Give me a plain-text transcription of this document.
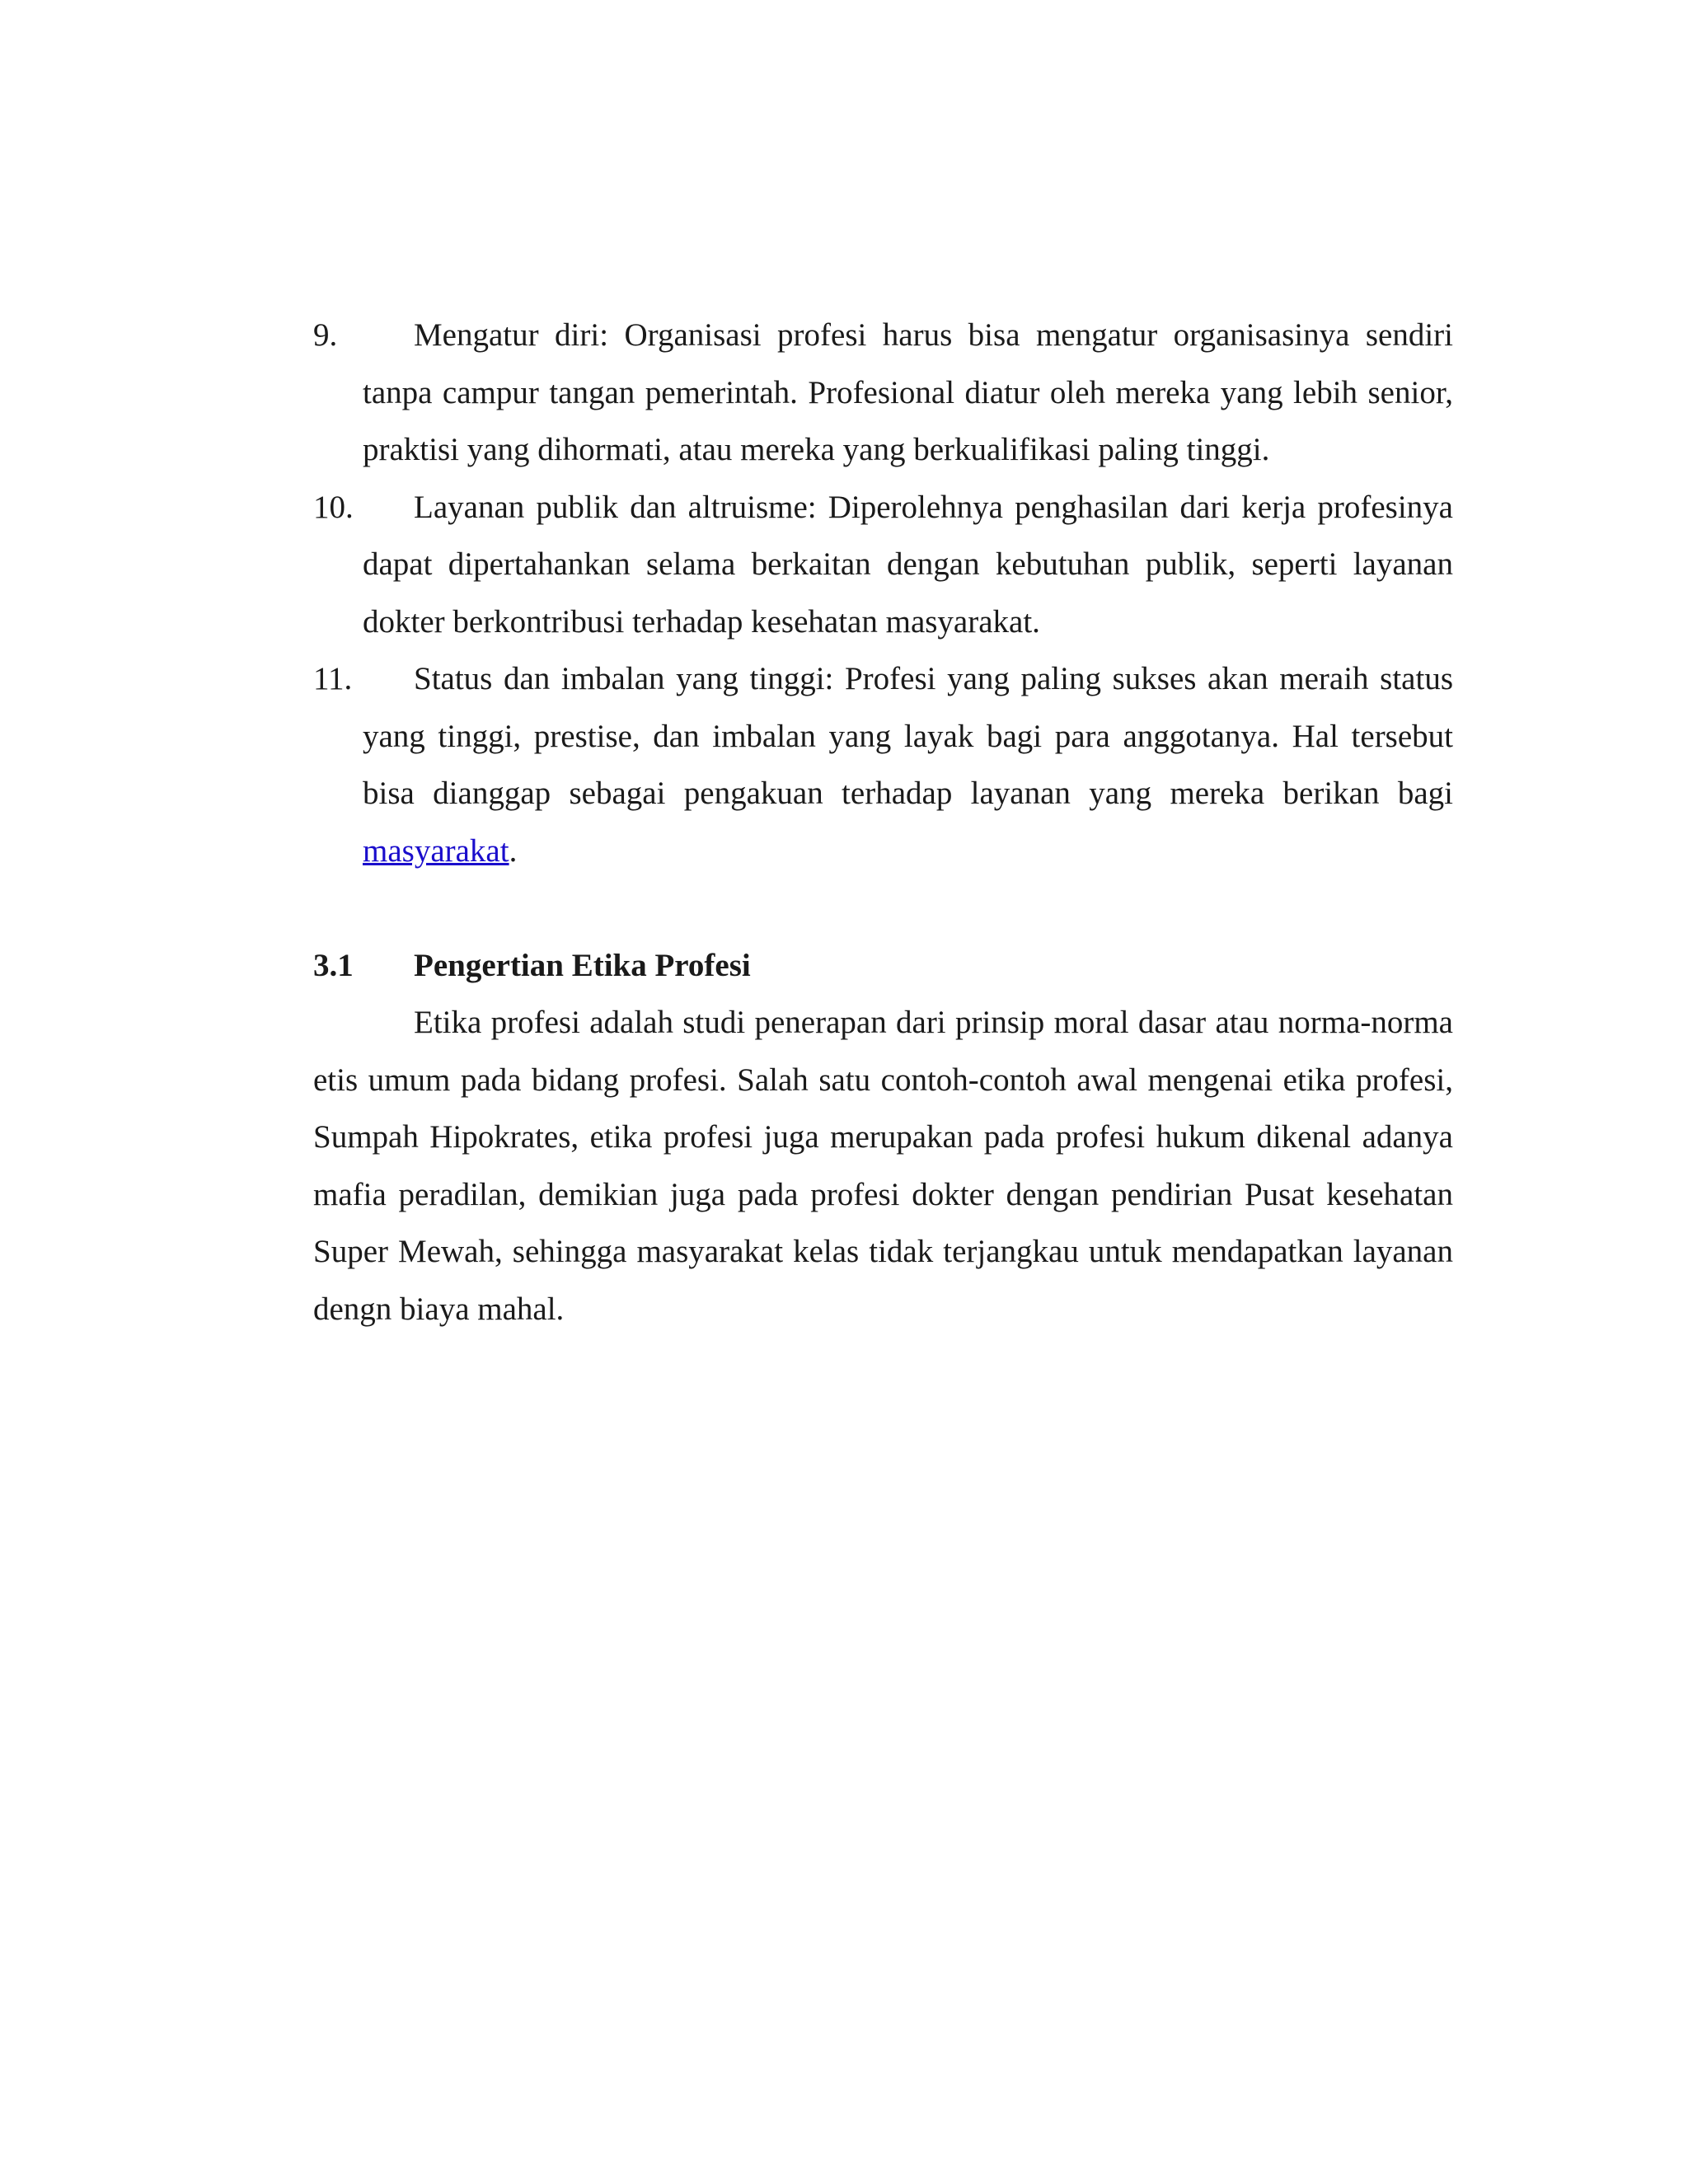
9.	Mengatur diri: Organisasi profesi harus bisa mengatur organisasinya sendiri tanpa campur tangan pemerintah. Profesional diatur oleh mereka yang lebih senior, praktisi yang dihormati, atau mereka yang berkualifikasi paling tinggi.
10.	Layanan publik dan altruisme: Diperolehnya penghasilan dari kerja profesinya dapat dipertahankan selama berkaitan dengan kebutuhan publik, seperti layanan dokter berkontribusi terhadap kesehatan masyarakat.
11.	Status dan imbalan yang tinggi: Profesi yang paling sukses akan meraih status yang tinggi, prestise, dan imbalan yang layak bagi para anggotanya. Hal tersebut bisa dianggap sebagai pengakuan terhadap layanan yang mereka berikan bagi masyarakat.
3.1 Pengertian Etika Profesi

Etika profesi adalah studi penerapan dari prinsip moral dasar atau norma-norma etis umum pada bidang profesi. Salah satu contoh-contoh awal mengenai etika profesi, Sumpah Hipokrates, etika profesi juga merupakan pada profesi hukum dikenal adanya mafia peradilan, demikian juga pada profesi dokter dengan pendirian Pusat kesehatan Super Mewah, sehingga masyarakat kelas tidak terjangkau untuk mendapatkan layanan dengn biaya mahal.
